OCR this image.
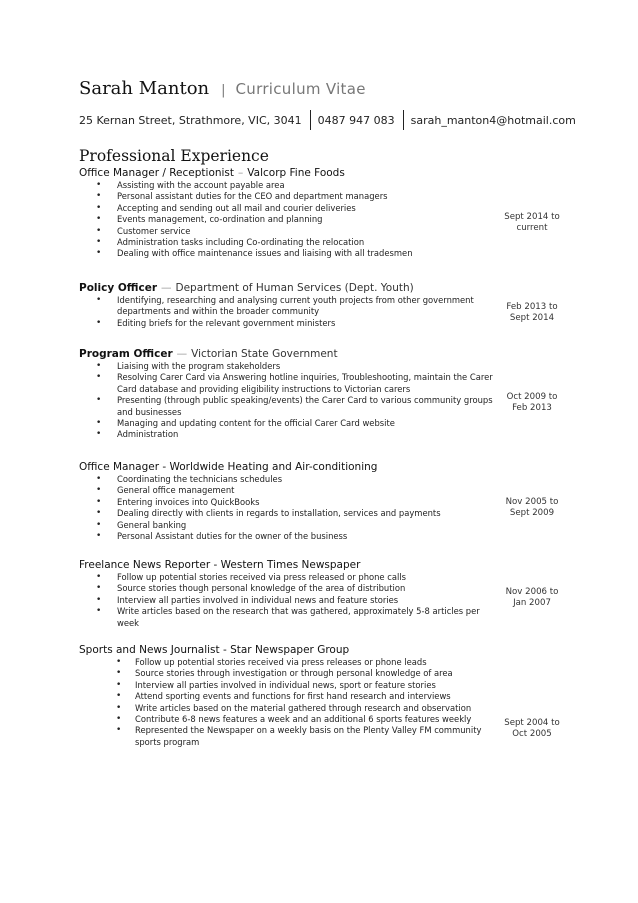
Sarah Manton | Curriculum Vitae
25 Kernan Street, Strathmore, VIC, 3041 0487 947 083 sarah_manton4@hotmail.com
Professional Experience
Office Manager / Receptionist – Valcorp Fine Foods
• Assisting with the account payable area
• Personal assistant duties for the CEO and department managers
• Accepting and sending out all mail and courier deliveries
• Events management, co-ordination and planning
• Customer service
• Administration tasks including Co-ordinating the relocation
• Dealing with office maintenance issues and liaising with all tradesmen
Sept 2014 to
current
Policy Officer — Department of Human Services (Dept. Youth)
• Identifying, researching and analysing current youth projects from other government departments and within the broader community
• Editing briefs for the relevant government ministers
Feb 2013 to
Sept 2014
Program Officer — Victorian State Government
• Liaising with the program stakeholders
• Resolving Carer Card via Answering hotline inquiries, Troubleshooting, maintain the Carer Card database and providing eligibility instructions to Victorian carers
• Presenting (through public speaking/events) the Carer Card to various community groups and businesses
• Managing and updating content for the official Carer Card website
• Administration
Oct 2009 to
Feb 2013
Office Manager - Worldwide Heating and Air-conditioning
• Coordinating the technicians schedules
• General office management
• Entering invoices into QuickBooks
• Dealing directly with clients in regards to installation, services and payments
• General banking
• Personal Assistant duties for the owner of the business
Nov 2005 to
Sept 2009
Freelance News Reporter - Western Times Newspaper
• Follow up potential stories received via press released or phone calls
• Source stories though personal knowledge of the area of distribution
• Interview all parties involved in individual news and feature stories
• Write articles based on the research that was gathered, approximately 5-8 articles per week
Nov 2006 to
Jan 2007
Sports and News Journalist - Star Newspaper Group
• Follow up potential stories received via press releases or phone leads
• Source stories through investigation or through personal knowledge of area
• Interview all parties involved in individual news, sport or feature stories
• Attend sporting events and functions for first hand research and interviews
• Write articles based on the material gathered through research and observation
• Contribute 6-8 news features a week and an additional 6 sports features weekly
• Represented the Newspaper on a weekly basis on the Plenty Valley FM community sports program
Sept 2004 to
Oct 2005
